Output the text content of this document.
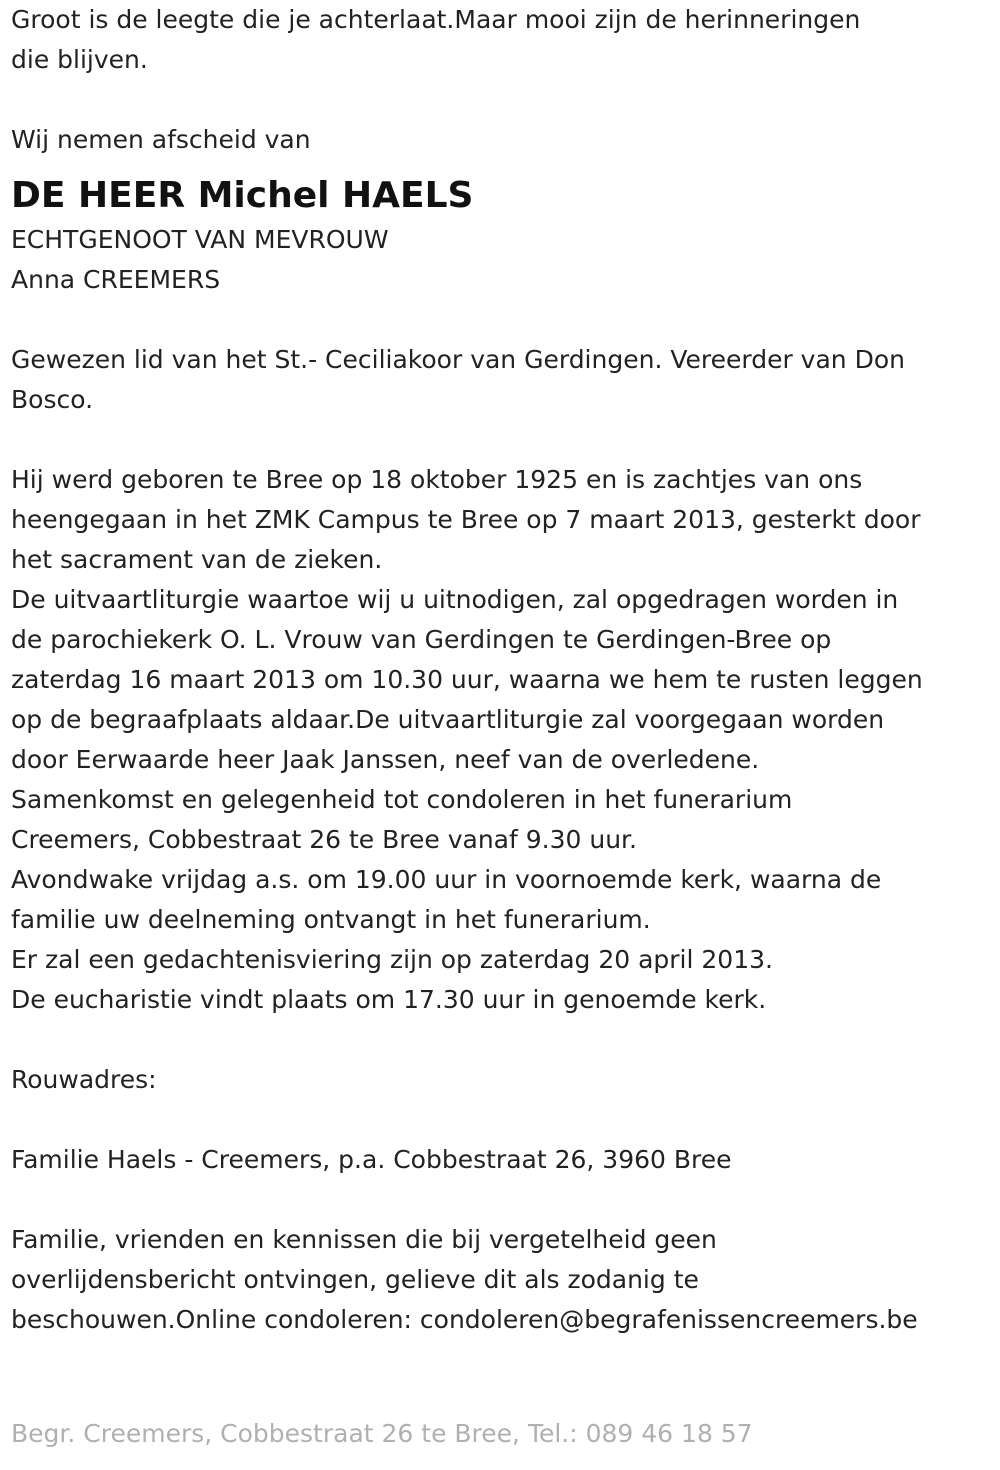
Groot is de leegte die je achterlaat.Maar mooi zijn de herinneringen

die blijven.

Wij nemen afscheid van

DE HEER Michel HAELS

ECHTGENOOT VAN MEVROUW

Anna CREEMERS

Gewezen lid van het St.- Ceciliakoor van Gerdingen. Vereerder van Don

Bosco.

Hij werd geboren te Bree op 18 oktober 1925 en is zachtjes van ons

heengegaan in het ZMK Campus te Bree op 7 maart 2013, gesterkt door

het sacrament van de zieken.

De uitvaartliturgie waartoe wij u uitnodigen, zal opgedragen worden in

de parochiekerk O. L. Vrouw van Gerdingen te Gerdingen-Bree op

zaterdag 16 maart 2013 om 10.30 uur, waarna we hem te rusten leggen

op de begraafplaats aldaar.De uitvaartliturgie zal voorgegaan worden

door Eerwaarde heer Jaak Janssen, neef van de overledene.

Samenkomst en gelegenheid tot condoleren in het funerarium

Creemers, Cobbestraat 26 te Bree vanaf 9.30 uur.

Avondwake vrijdag a.s. om 19.00 uur in voornoemde kerk, waarna de

familie uw deelneming ontvangt in het funerarium.

Er zal een gedachtenisviering zijn op zaterdag 20 april 2013.

De eucharistie vindt plaats om 17.30 uur in genoemde kerk.

Rouwadres:

Familie Haels - Creemers, p.a. Cobbestraat 26, 3960 Bree

Familie, vrienden en kennissen die bij vergetelheid geen

overlijdensbericht ontvingen, gelieve dit als zodanig te

beschouwen.Online condoleren: condoleren@begrafenissencreemers.be

Begr. Creemers, Cobbestraat 26 te Bree, Tel.: 089 46 18 57
